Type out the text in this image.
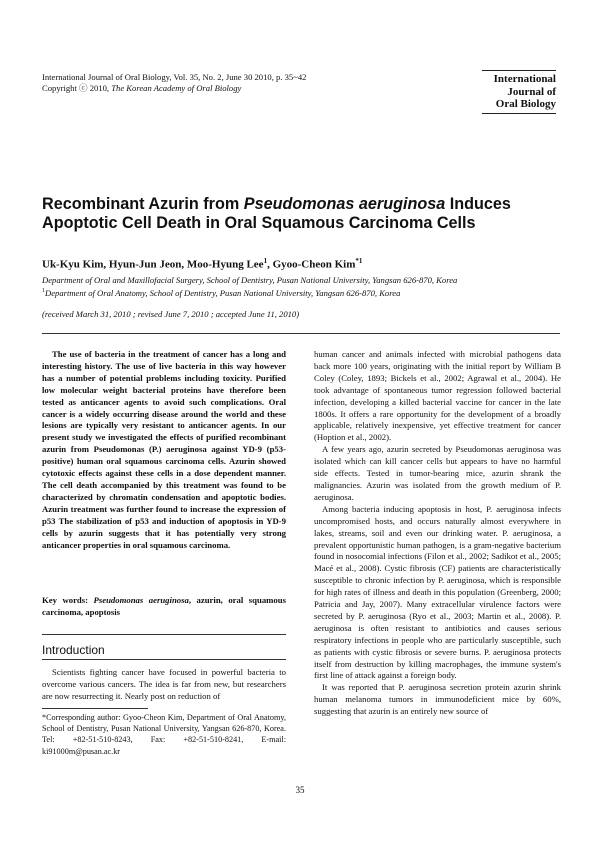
International Journal of Oral Biology, Vol. 35, No. 2, June 30 2010, p. 35~42
Copyright ⓒ 2010, The Korean Academy of Oral Biology
International
Journal of
Oral Biology
Recombinant Azurin from Pseudomonas aeruginosa Induces Apoptotic Cell Death in Oral Squamous Carcinoma Cells
Uk-Kyu Kim, Hyun-Jun Jeon, Moo-Hyung Lee$^1$, Gyoo-Cheon Kim$^{*1}$
Department of Oral and Maxillofacial Surgery, School of Dentistry, Pusan National University, Yangsan 626-870, Korea
$^1$Department of Oral Anatomy, School of Dentistry, Pusan National University, Yangsan 626-870, Korea
(received March 31, 2010 ; revised June 7, 2010 ; accepted June 11, 2010)

The use of bacteria in the treatment of cancer has a long and interesting history. The use of live bacteria in this way however has a number of potential problems including toxicity. Purified low molecular weight bacterial proteins have therefore been tested as anticancer agents to avoid such complications. Oral cancer is a widely occurring disease around the world and these lesions are typically very resistant to anticancer agents. In our present study we investigated the effects of purified recombinant azurin from Pseudomonas (P.) aeruginosa against YD-9 (p53-positive) human oral squamous carcinoma cells. Azurin showed cytotoxic effects against these cells in a dose dependent manner. The cell death accompanied by this treatment was found to be characterized by chromatin condensation and apoptotic bodies. Azurin treatment was further found to increase the expression of p53 The stabilization of p53 and induction of apoptosis in YD-9 cells by azurin suggests that it has potentially very strong anticancer properties in oral squamous carcinoma.

Key words: Pseudomonas aeruginosa, azurin, oral squamous carcinoma, apoptosis
Introduction

Scientists fighting cancer have focused in powerful bacteria to overcome various cancers. The idea is far from new, but researchers are now resurrecting it. Nearly post on reduction of

*Corresponding author: Gyoo-Cheon Kim, Department of Oral Anatomy, School of Dentistry, Pusan National University, Yangsan 626-870, Korea. Tel: +82-51-510-8243, Fax: +82-51-510-8241, E-mail: ki91000m@pusan.ac.kr

human cancer and animals infected with microbial pathogens data back more 100 years, originating with the initial report by William B Coley (Coley, 1893; Bickels et al., 2002; Agrawal et al., 2004). He took advantage of spontaneous tumor regression followed bacterial infection, developing a killed bacterial vaccine for cancer in the late 1800s. It offers a rare opportunity for the development of a broadly applicable, relatively inexpensive, yet effective treatment for cancer (Hoption et al., 2002).

A few years ago, azurin secreted by Pseudomonas aeruginosa was isolated which can kill cancer cells but appears to have no harmful side effects. Tested in tumor-bearing mice, azurin shrank the malignancies. Azurin was isolated from the growth medium of P. aeruginosa.

Among bacteria inducing apoptosis in host, P. aeruginosa infects uncompromised hosts, and occurs naturally almost everywhere in lakes, streams, soil and even our drinking water. P. aeruginosa, a prevalent opportunistic human pathogen, is a gram-negative bacterium found in nosocomial infections (Filon et al., 2002; Sadikot et al., 2005; Macé et al., 2008). Cystic fibrosis (CF) patients are characteristically susceptible to chronic infection by P. aeruginosa, which is responsible for high rates of illness and death in this population (Greenberg, 2000; Patricia and Jay, 2007). Many extracellular virulence factors were secreted by P. aeruginosa (Ryo et al., 2003; Martin et al., 2008). P. aeruginosa is often resistant to antibiotics and causes serious respiratory infections in people who are particularly susceptible, such as patients with cystic fibrosis or severe burns. P. aeruginosa protects itself from destruction by killing macrophages, the immune system's first line of attack against a foreign body.

It was reported that P. aeruginosa secretion protein azurin shrink human melanoma tumors in immunodeficient mice by 60%, suggesting that azurin is an entirely new source of

35
